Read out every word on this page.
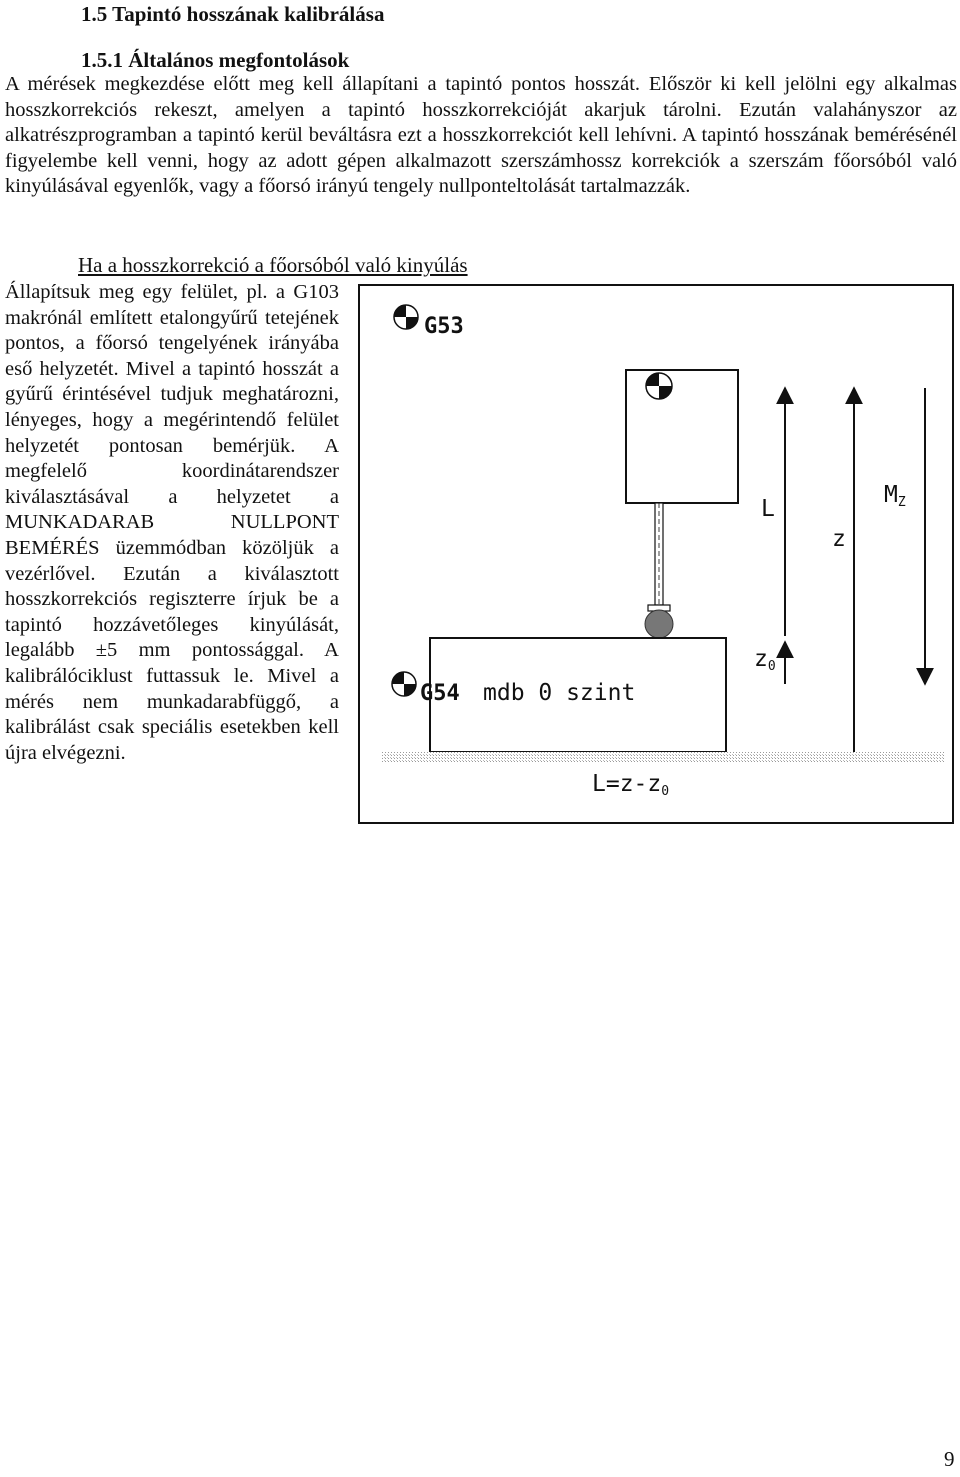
1.5 Tapintó hosszának kalibrálása
1.5.1 Általános megfontolások
A mérések megkezdése előtt meg kell állapítani a tapintó pontos hosszát. Először ki kell jelölni egy alkalmas hosszkorrekciós rekeszt, amelyen a tapintó hosszkorrekcióját akarjuk tárolni. Ezután valahányszor az alkatrészprogramban a tapintó kerül beváltásra ezt a hosszkorrekciót kell lehívni. A tapintó hosszának bemérésénél figyelembe kell venni, hogy az adott gépen alkalmazott szerszámhossz korrekciók a szerszám főorsóból való kinyúlásával egyenlők, vagy a főorsó irányú tengely nullponteltolását tartalmazzák.
Ha a hosszkorrekció a főorsóból való kinyúlás

Állapítsuk meg egy felület, pl. a G103 makrónál említett etalongyűrű tetejének pontos, a főorsó tengelyének irányába eső helyzetét. Mivel a tapintó hosszát a gyűrű érintésével tudjuk meghatározni, lényeges, hogy a megérintendő felület helyzetét pontosan bemérjük. A megfelelő koordinátarendszer kiválasztásával a helyzetet a MUNKADARAB NULLPONT BEMÉRÉS üzemmódban közöljük a vezérlővel. Ezután a kiválasztott hosszkorrekciós regiszterre írjuk be a tapintó hozzávetőleges kinyúlását, legalább ±5 mm pontossággal. A kalibrálóciklust futtassuk le. Mivel a mérés nem munkadarabfüggő, a kalibrálást csak speciális esetekben kell újra elvégezni.

G53
G54 mdb 0 szint
L
z
$M_Z$
$z_0$
$L=z-z_0$
9
